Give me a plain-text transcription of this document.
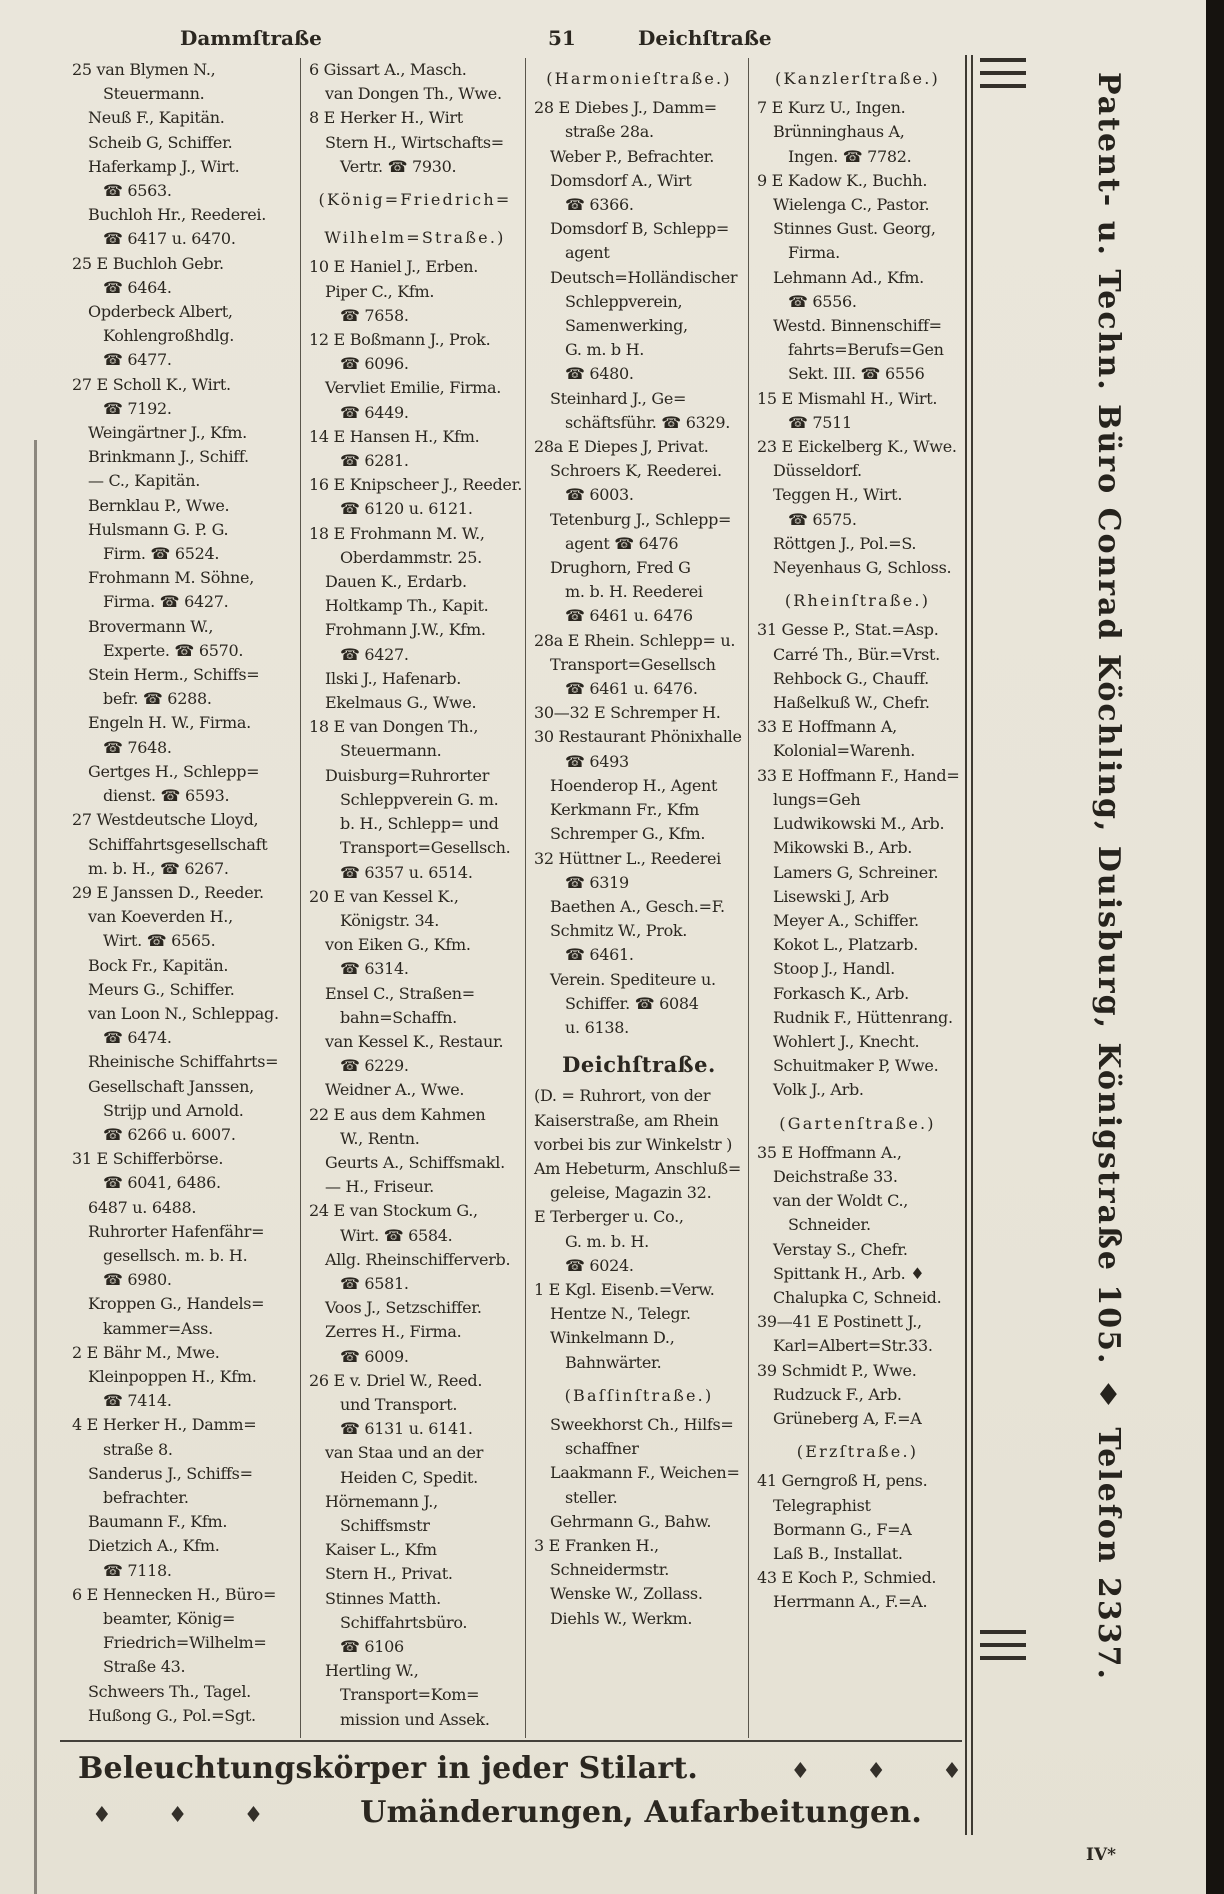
Dammſtraße	51	Deichſtraße
25 van Blymen N.,
Steuermann.
Neuß F., Kapitän.
Scheib G, Schiffer.
Haferkamp J., Wirt.
☎ 6563.
Buchloh Hr., Reederei.
☎ 6417 u. 6470.
25 E Buchloh Gebr.
☎ 6464.
Opderbeck Albert,
Kohlengroßhdlg.
☎ 6477.
27 E Scholl K., Wirt.
☎ 7192.
Weingärtner J., Kfm.
Brinkmann J., Schiff.
— C., Kapitän.
Bernklau P., Wwe.
Hulsmann G. P. G.
Firm. ☎ 6524.
Frohmann M. Söhne,
Firma. ☎ 6427.
Brovermann W.,
Experte. ☎ 6570.
Stein Herm., Schiffs=
befr. ☎ 6288.
Engeln H. W., Firma.
☎ 7648.
Gertges H., Schlepp=
dienst. ☎ 6593.
27 Westdeutsche Lloyd,
Schiffahrtsgesellschaft
m. b. H., ☎ 6267.
29 E Janssen D., Reeder.
van Koeverden H.,
Wirt. ☎ 6565.
Bock Fr., Kapitän.
Meurs G., Schiffer.
van Loon N., Schleppag.
☎ 6474.
Rheinische Schiffahrts=
Gesellschaft Janssen,
Strijp und Arnold.
☎ 6266 u. 6007.
31 E Schifferbörse.
☎ 6041, 6486.
6487 u. 6488.
Ruhrorter Hafenfähr=
gesellsch. m. b. H.
☎ 6980.
Kroppen G., Handels=
kammer=Ass.
2 E Bähr M., Mwe.
Kleinpoppen H., Kfm.
☎ 7414.
4 E Herker H., Damm=
straße 8.
Sanderus J., Schiffs=
befrachter.
Baumann F., Kfm.
Dietzich A., Kfm.
☎ 7118.
6 E Hennecken H., Büro=
beamter, König=
Friedrich=Wilhelm=
Straße 43.
Schweers Th., Tagel.
Hußong G., Pol.=Sgt.
6 Gissart A., Masch.
van Dongen Th., Wwe.
8 E Herker H., Wirt
Stern H., Wirtschafts=
Vertr. ☎ 7930.
(König=Friedrich=
Wilhelm=Straße.)
10 E Haniel J., Erben.
Piper C., Kfm.
☎ 7658.
12 E Boßmann J., Prok.
☎ 6096.
Vervliet Emilie, Firma.
☎ 6449.
14 E Hansen H., Kfm.
☎ 6281.
16 E Knipscheer J., Reeder.
☎ 6120 u. 6121.
18 E Frohmann M. W.,
Oberdammstr. 25.
Dauen K., Erdarb.
Holtkamp Th., Kapit.
Frohmann J.W., Kfm.
☎ 6427.
Ilski J., Hafenarb.
Ekelmaus G., Wwe.
18 E van Dongen Th.,
Steuermann.
Duisburg=Ruhrorter
Schleppverein G. m.
b. H., Schlepp= und
Transport=Gesellsch.
☎ 6357 u. 6514.
20 E van Kessel K.,
Königstr. 34.
von Eiken G., Kfm.
☎ 6314.
Ensel C., Straßen=
bahn=Schaffn.
van Kessel K., Restaur.
☎ 6229.
Weidner A., Wwe.
22 E aus dem Kahmen
W., Rentn.
Geurts A., Schiffsmakl.
— H., Friseur.
24 E van Stockum G.,
Wirt. ☎ 6584.
Allg. Rheinschifferverb.
☎ 6581.
Voos J., Setzschiffer.
Zerres H., Firma.
☎ 6009.
26 E v. Driel W., Reed.
und Transport.
☎ 6131 u. 6141.
van Staa und an der
Heiden C, Spedit.
Hörnemann J.,
Schiffsmstr
Kaiser L., Kfm
Stern H., Privat.
Stinnes Matth.
Schiffahrtsbüro.
☎ 6106
Hertling W.,
Transport=Kom=
mission und Assek.
(Harmonieſtraße.)
28 E Diebes J., Damm=
straße 28a.
Weber P., Befrachter.
Domsdorf A., Wirt
☎ 6366.
Domsdorf B, Schlepp=
agent
Deutsch=Holländischer
Schleppverein,
Samenwerking,
G. m. b H.
☎ 6480.
Steinhard J., Ge=
schäftsführ. ☎ 6329.
28a E Diepes J, Privat.
Schroers K, Reederei.
☎ 6003.
Tetenburg J., Schlepp=
agent ☎ 6476
Drughorn, Fred G
m. b. H. Reederei
☎ 6461 u. 6476
28a E Rhein. Schlepp= u.
Transport=Gesellsch
☎ 6461 u. 6476.
30—32 E Schremper H.
30 Restaurant Phönixhalle
☎ 6493
Hoenderop H., Agent
Kerkmann Fr., Kfm
Schremper G., Kfm.
32 Hüttner L., Reederei
☎ 6319
Baethen A., Gesch.=F.
Schmitz W., Prok.
☎ 6461.
Verein. Spediteure u.
Schiffer. ☎ 6084
u. 6138.
Deichſtraße.
(D. = Ruhrort, von der
Kaiserstraße, am Rhein
vorbei bis zur Winkelstr )
Am Hebeturm, Anschluß=
geleise, Magazin 32.
E Terberger u. Co.,
G. m. b. H.
☎ 6024.
1 E Kgl. Eisenb.=Verw.
Hentze N., Telegr.
Winkelmann D.,
Bahnwärter.
(Baſſinſtraße.)
Sweekhorst Ch., Hilfs=
schaffner
Laakmann F., Weichen=
steller.
Gehrmann G., Bahw.
3 E Franken H.,
Schneidermstr.
Wenske W., Zollass.
Diehls W., Werkm.
(Kanzlerſtraße.)
7 E Kurz U., Ingen.
Brünninghaus A,
Ingen. ☎ 7782.
9 E Kadow K., Buchh.
Wielenga C., Pastor.
Stinnes Gust. Georg,
Firma.
Lehmann Ad., Kfm.
☎ 6556.
Westd. Binnenschiff=
fahrts=Berufs=Gen
Sekt. III. ☎ 6556
15 E Mismahl H., Wirt.
☎ 7511
23 E Eickelberg K., Wwe.
Düsseldorf.
Teggen H., Wirt.
☎ 6575.
Röttgen J., Pol.=S.
Neyenhaus G, Schloss.
(Rheinſtraße.)
31 Gesse P., Stat.=Asp.
Carré Th., Bür.=Vrst.
Rehbock G., Chauff.
Haßelkuß W., Chefr.
33 E Hoffmann A,
Kolonial=Warenh.
33 E Hoffmann F., Hand=
lungs=Geh
Ludwikowski M., Arb.
Mikowski B., Arb.
Lamers G, Schreiner.
Lisewski J, Arb
Meyer A., Schiffer.
Kokot L., Platzarb.
Stoop J., Handl.
Forkasch K., Arb.
Rudnik F., Hüttenrang.
Wohlert J., Knecht.
Schuitmaker P, Wwe.
Volk J., Arb.
(Gartenſtraße.)
35 E Hoffmann A.,
Deichstraße 33.
van der Woldt C.,
Schneider.
Verstay S., Chefr.
Spittank H., Arb. ♦
Chalupka C, Schneid.
39—41 E Postinett J.,
Karl=Albert=Str.33.
39 Schmidt P., Wwe.
Rudzuck F., Arb.
Grüneberg A, F.=A
(Erzſtraße.)
41 Gerngroß H, pens.
Telegraphist
Bormann G., F=A
Laß B., Installat.
43 E Koch P., Schmied.
Herrmann A., F.=A.	Patent- u. Techn. Büro Conrad Köchling, Duisburg, Königstraße 105. ♦ Telefon 2337.
Beleuchtungskörper in jeder Stilart.	♦ ♦ ♦
♦ ♦ ♦	Umänderungen, Aufarbeitungen.
IV*
